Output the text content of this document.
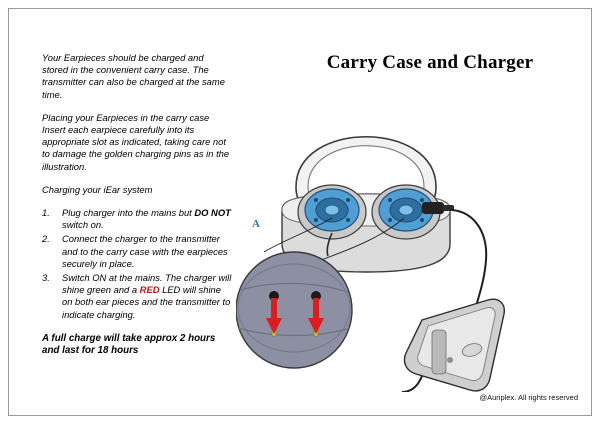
Carry Case and Charger

Your Earpieces should be charged and stored in the convenient carry case. The transmitter can also be charged at the same time.

Placing your Earpieces in the carry case

Insert each earpiece carefully into its appropriate slot as indicated, taking care not to damage the golden charging pins as in the illustration.

Charging your iEar system

1.	Plug charger into the mains but DO NOT switch on.
2.	Connect the charger to the transmitter and to the carry case with the earpieces securely in place.
3.	Switch ON at the mains. The charger will shine green and a RED LED will shine on both ear pieces and the transmitter to indicate charging.

A full charge will take approx 2 hours and last for 18 hours

A
@Auriplex. All rights reserved
